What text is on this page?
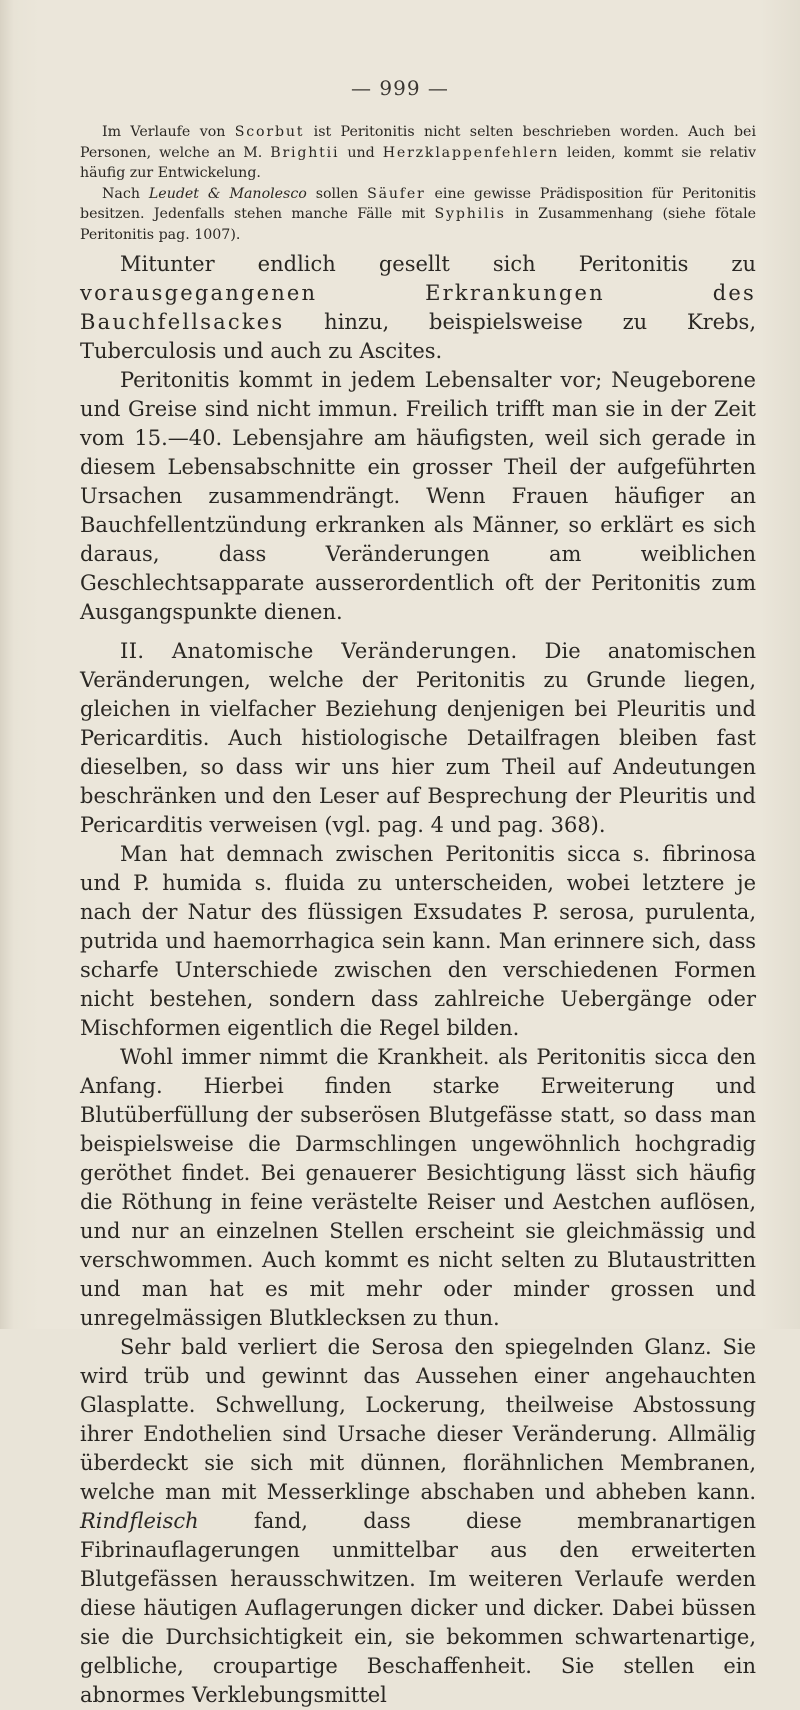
— 999 —

Im Verlaufe von Scorbut ist Peritonitis nicht selten beschrieben worden. Auch bei Personen, welche an M. Brightii und Herzklappenfehlern leiden, kommt sie relativ häufig zur Entwickelung.

Nach Leudet & Manolesco sollen Säufer eine gewisse Prädisposition für Peritonitis besitzen. Jedenfalls stehen manche Fälle mit Syphilis in Zusammenhang (siehe fötale Peritonitis pag. 1007).

Mitunter endlich gesellt sich Peritonitis zu vorausgegangenen Erkrankungen des Bauchfellsackes hinzu, beispielsweise zu Krebs, Tuberculosis und auch zu Ascites.

Peritonitis kommt in jedem Lebensalter vor; Neugeborene und Greise sind nicht immun. Freilich trifft man sie in der Zeit vom 15.—40. Lebensjahre am häufigsten, weil sich gerade in diesem Lebensabschnitte ein grosser Theil der aufgeführten Ursachen zusammendrängt. Wenn Frauen häufiger an Bauchfellentzündung erkranken als Männer, so erklärt es sich daraus, dass Veränderungen am weiblichen Geschlechtsapparate ausserordentlich oft der Peritonitis zum Ausgangspunkte dienen.

II. Anatomische Veränderungen. Die anatomischen Veränderungen, welche der Peritonitis zu Grunde liegen, gleichen in vielfacher Beziehung denjenigen bei Pleuritis und Pericarditis. Auch histiologische Detailfragen bleiben fast dieselben, so dass wir uns hier zum Theil auf Andeutungen beschränken und den Leser auf Besprechung der Pleuritis und Pericarditis verweisen (vgl. pag. 4 und pag. 368).

Man hat demnach zwischen Peritonitis sicca s. fibrinosa und P. humida s. fluida zu unterscheiden, wobei letztere je nach der Natur des flüssigen Exsudates P. serosa, purulenta, putrida und haemorrhagica sein kann. Man erinnere sich, dass scharfe Unterschiede zwischen den verschiedenen Formen nicht bestehen, sondern dass zahlreiche Uebergänge oder Mischformen eigentlich die Regel bilden.

Wohl immer nimmt die Krankheit. als Peritonitis sicca den Anfang. Hierbei finden starke Erweiterung und Blutüberfüllung der subserösen Blutgefässe statt, so dass man beispielsweise die Darmschlingen ungewöhnlich hochgradig geröthet findet. Bei genauerer Besichtigung lässt sich häufig die Röthung in feine verästelte Reiser und Aestchen auflösen, und nur an einzelnen Stellen erscheint sie gleichmässig und verschwommen. Auch kommt es nicht selten zu Blutaustritten und man hat es mit mehr oder minder grossen und unregelmässigen Blutklecksen zu thun.

Sehr bald verliert die Serosa den spiegelnden Glanz. Sie wird trüb und gewinnt das Aussehen einer angehauchten Glasplatte. Schwellung, Lockerung, theilweise Abstossung ihrer Endothelien sind Ursache dieser Veränderung. Allmälig überdeckt sie sich mit dünnen, florähnlichen Membranen, welche man mit Messerklinge abschaben und abheben kann. Rindfleisch fand, dass diese membranartigen Fibrinauflagerungen unmittelbar aus den erweiterten Blutgefässen herausschwitzen. Im weiteren Verlaufe werden diese häutigen Auflagerungen dicker und dicker. Dabei büssen sie die Durchsichtigkeit ein, sie bekommen schwartenartige, gelbliche, croupartige Beschaffenheit. Sie stellen ein abnormes Verklebungsmittel
